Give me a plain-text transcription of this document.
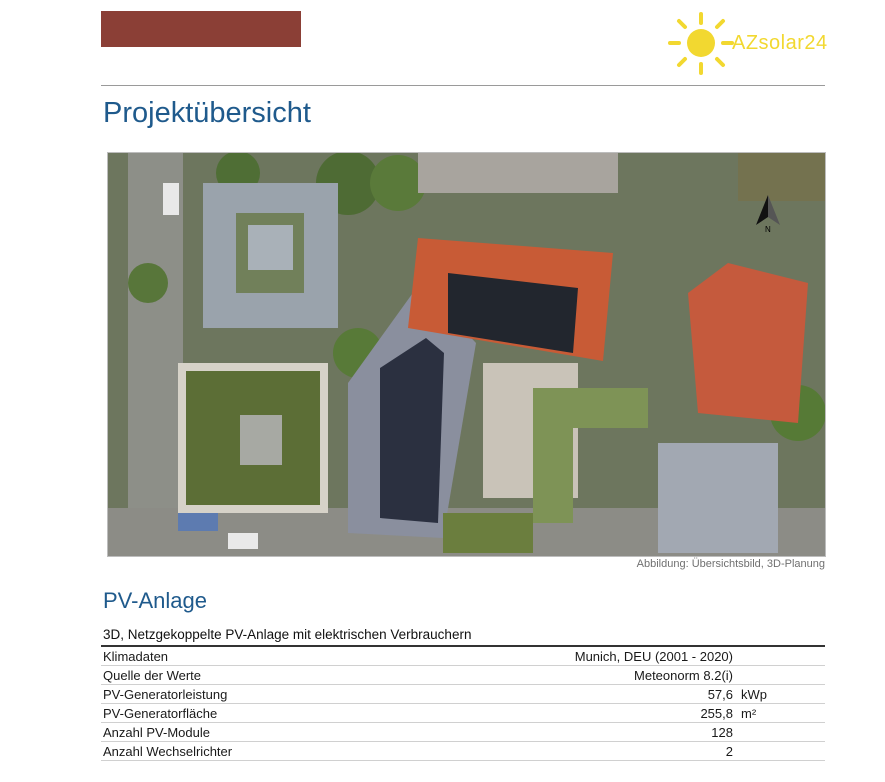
AZsolar24
Projektübersicht
N
Abbildung: Übersichtsbild, 3D-Planung
PV-Anlage
3D, Netzgekoppelte PV-Anlage mit elektrischen Verbrauchern
Klimadaten	Munich, DEU (2001 - 2020)
Quelle der Werte	Meteonorm 8.2(i)
PV-Generatorleistung	57,6 kWp
PV-Generatorfläche	255,8 m²
Anzahl PV-Module	128
Anzahl Wechselrichter	2
